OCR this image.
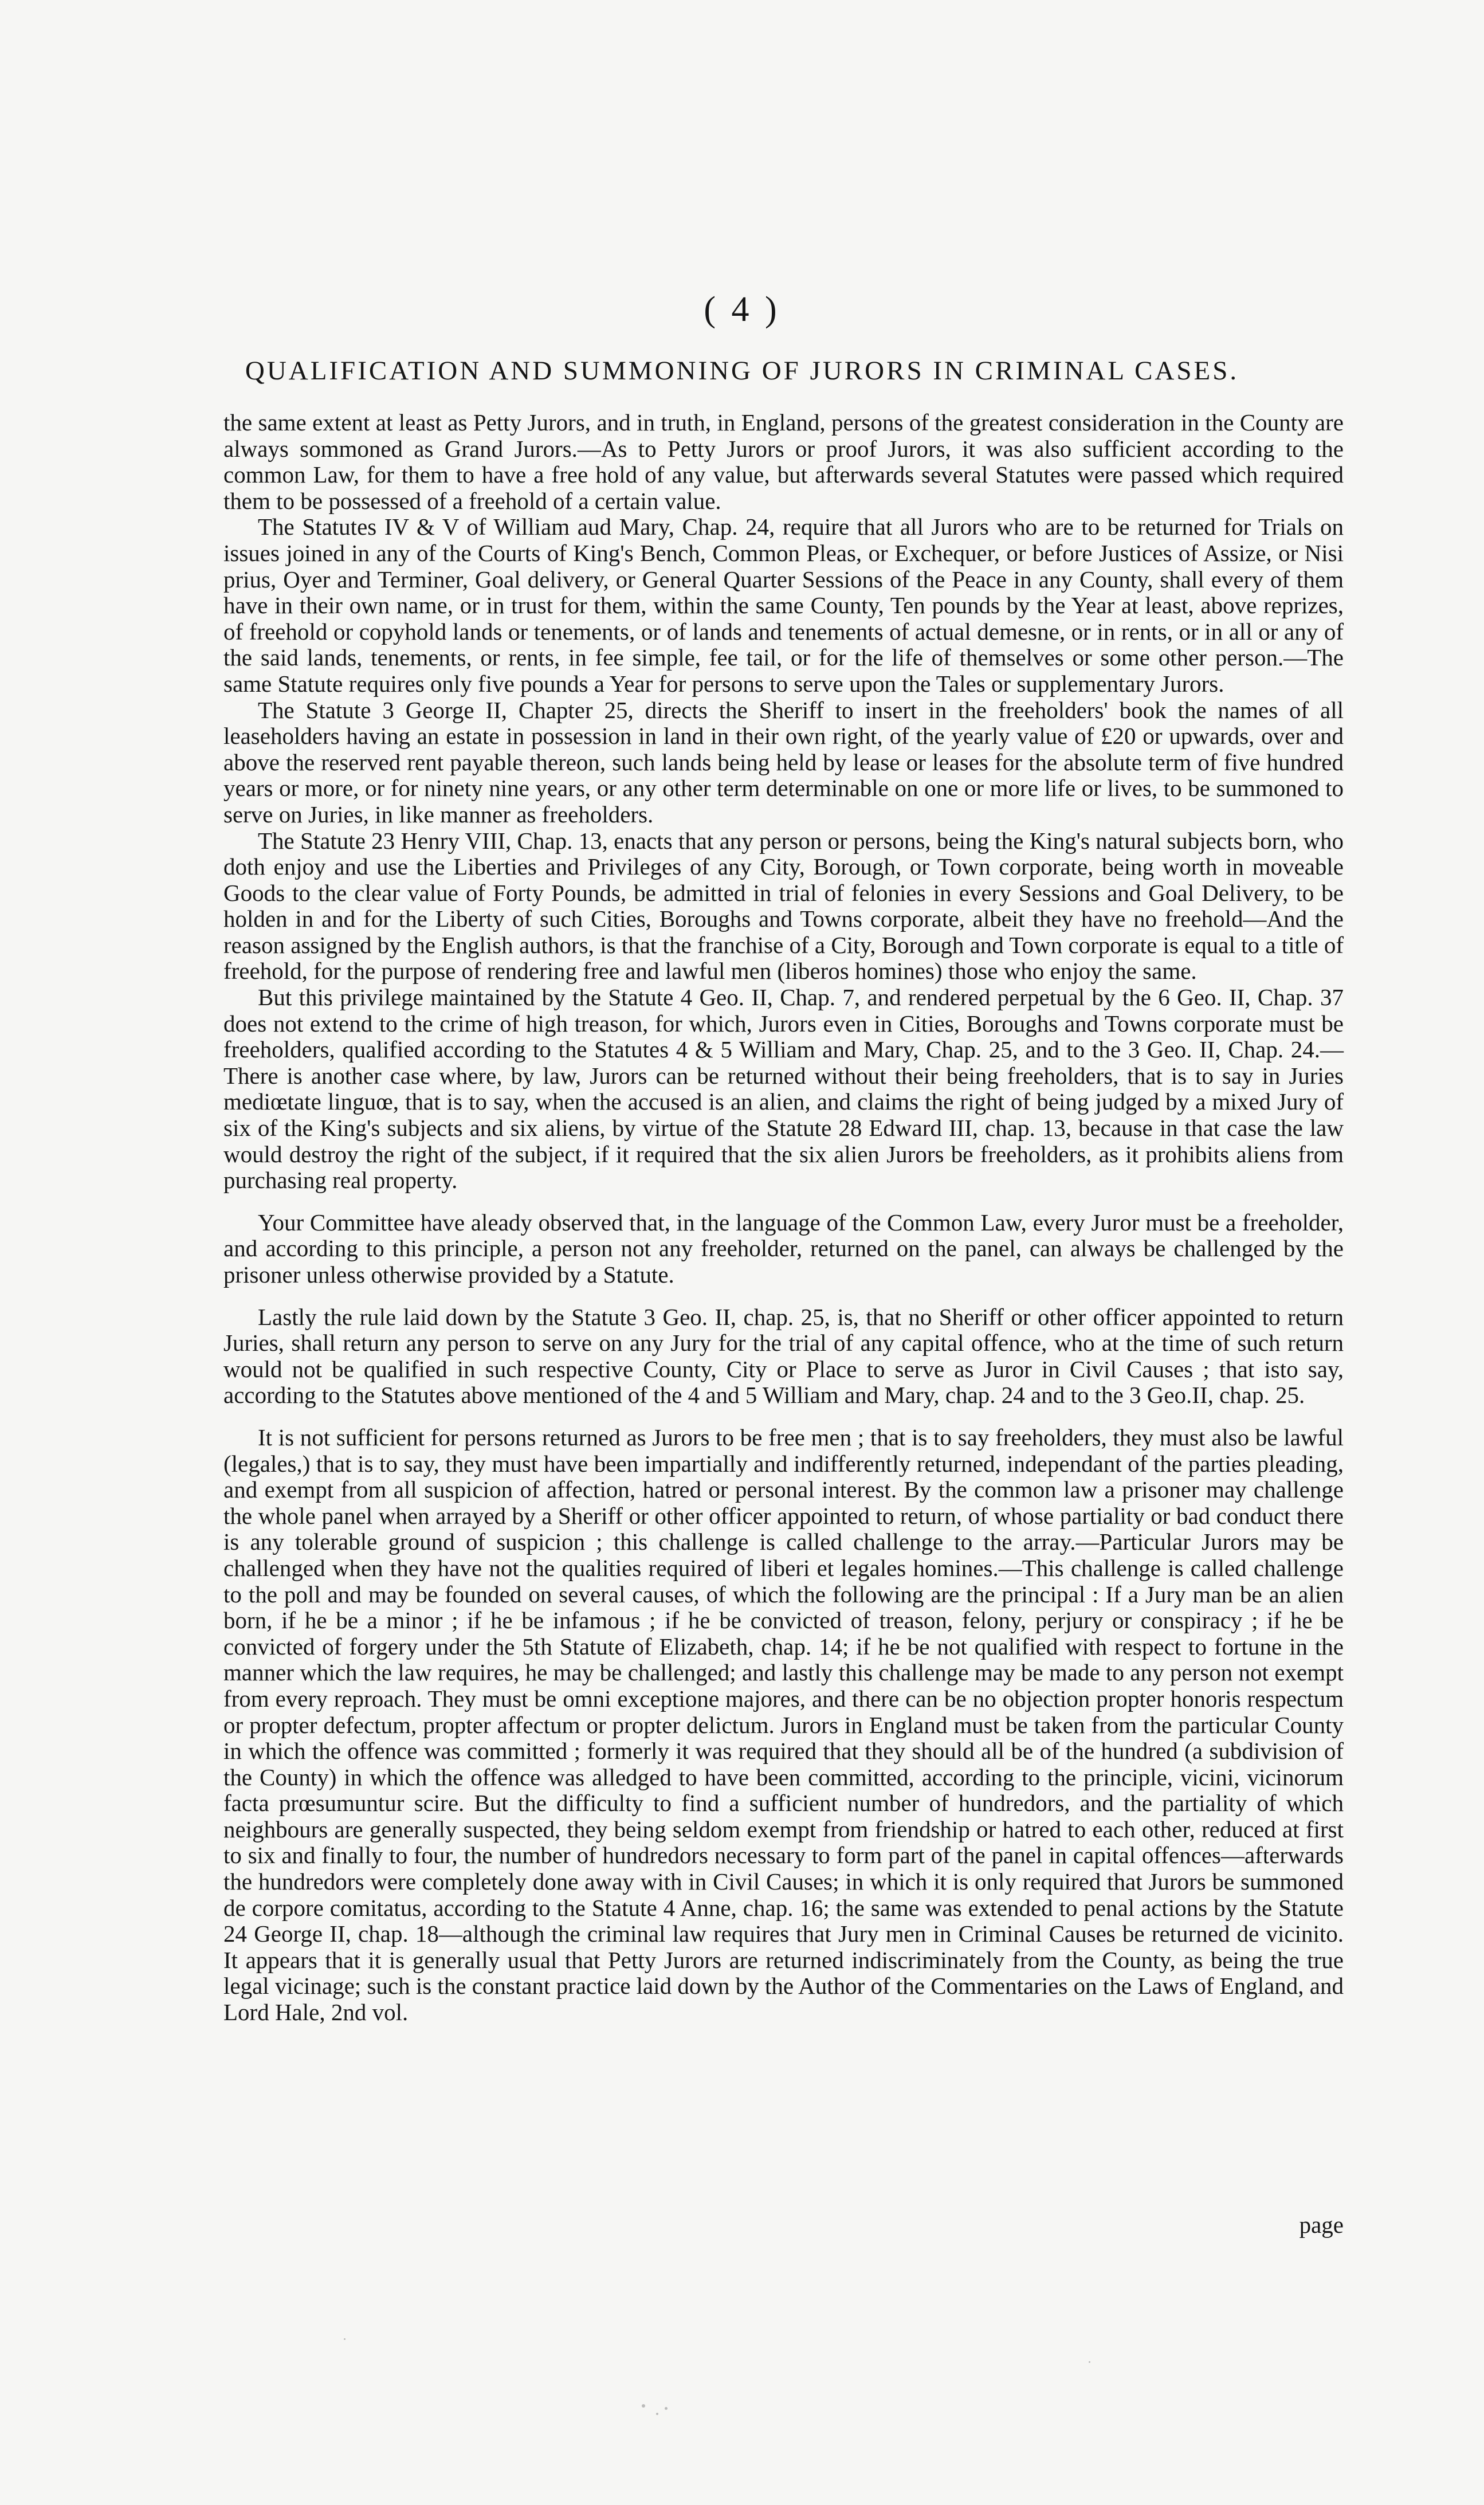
( 4 )
QUALIFICATION AND SUMMONING OF JURORS IN CRIMINAL CASES.

the same extent at least as Petty Jurors, and in truth, in England, persons of the greatest consideration in the County are always sommoned as Grand Jurors.—As to Petty Jurors or proof Jurors, it was also sufficient according to the common Law, for them to have a free hold of any value, but afterwards several Statutes were passed which required them to be possessed of a freehold of a certain value.

The Statutes IV & V of William aud Mary, Chap. 24, require that all Jurors who are to be returned for Trials on issues joined in any of the Courts of King's Bench, Common Pleas, or Exchequer, or before Justices of Assize, or Nisi prius, Oyer and Terminer, Goal delivery, or General Quarter Sessions of the Peace in any County, shall every of them have in their own name, or in trust for them, within the same County, Ten pounds by the Year at least, above reprizes, of freehold or copyhold lands or tenements, or of lands and tenements of actual demesne, or in rents, or in all or any of the said lands, tenements, or rents, in fee simple, fee tail, or for the life of themselves or some other person.—The same Statute requires only five pounds a Year for persons to serve upon the Tales or supplementary Jurors.

The Statute 3 George II, Chapter 25, directs the Sheriff to insert in the freeholders' book the names of all leaseholders having an estate in possession in land in their own right, of the yearly value of £20 or upwards, over and above the reserved rent payable thereon, such lands being held by lease or leases for the absolute term of five hundred years or more, or for ninety nine years, or any other term determinable on one or more life or lives, to be summoned to serve on Juries, in like manner as freeholders.

The Statute 23 Henry VIII, Chap. 13, enacts that any person or persons, being the King's natural subjects born, who doth enjoy and use the Liberties and Privileges of any City, Borough, or Town corporate, being worth in moveable Goods to the clear value of Forty Pounds, be admitted in trial of felonies in every Sessions and Goal Delivery, to be holden in and for the Liberty of such Cities, Boroughs and Towns corporate, albeit they have no freehold—And the reason assigned by the English authors, is that the franchise of a City, Borough and Town corporate is equal to a title of freehold, for the purpose of rendering free and lawful men (liberos homines) those who enjoy the same.

But this privilege maintained by the Statute 4 Geo. II, Chap. 7, and rendered perpetual by the 6 Geo. II, Chap. 37 does not extend to the crime of high treason, for which, Jurors even in Cities, Boroughs and Towns corporate must be freeholders, qualified according to the Statutes 4 & 5 William and Mary, Chap. 25, and to the 3 Geo. II, Chap. 24.—There is another case where, by law, Jurors can be returned without their being freeholders, that is to say in Juries mediœtate linguœ, that is to say, when the accused is an alien, and claims the right of being judged by a mixed Jury of six of the King's subjects and six aliens, by virtue of the Statute 28 Edward III, chap. 13, because in that case the law would destroy the right of the subject, if it required that the six alien Jurors be freeholders, as it prohibits aliens from purchasing real property.

Your Committee have aleady observed that, in the language of the Common Law, every Juror must be a freeholder, and according to this principle, a person not any freeholder, returned on the panel, can always be challenged by the prisoner unless otherwise provided by a Statute.

Lastly the rule laid down by the Statute 3 Geo. II, chap. 25, is, that no Sheriff or other officer appointed to return Juries, shall return any person to serve on any Jury for the trial of any capital offence, who at the time of such return would not be qualified in such respective County, City or Place to serve as Juror in Civil Causes ; that isto say, according to the Statutes above mentioned of the 4 and 5 William and Mary, chap. 24 and to the 3 Geo.II, chap. 25.

It is not sufficient for persons returned as Jurors to be free men ; that is to say freeholders, they must also be lawful (legales,) that is to say, they must have been impartially and indifferently returned, independant of the parties pleading, and exempt from all suspicion of affection, hatred or personal interest. By the common law a prisoner may challenge the whole panel when arrayed by a Sheriff or other officer appointed to return, of whose partiality or bad conduct there is any tolerable ground of suspicion ; this challenge is called challenge to the array.—Particular Jurors may be challenged when they have not the qualities required of liberi et legales homines.—This challenge is called challenge to the poll and may be founded on several causes, of which the following are the principal : If a Jury man be an alien born, if he be a minor ; if he be infamous ; if he be convicted of treason, felony, perjury or conspiracy ; if he be convicted of forgery under the 5th Statute of Elizabeth, chap. 14; if he be not qualified with respect to fortune in the manner which the law requires, he may be challenged; and lastly this challenge may be made to any person not exempt from every reproach. They must be omni exceptione majores, and there can be no objection propter honoris respectum or propter defectum, propter affectum or propter delictum. Jurors in England must be taken from the particular County in which the offence was committed ; formerly it was required that they should all be of the hundred (a subdivision of the County) in which the offence was alledged to have been committed, according to the principle, vicini, vicinorum facta prœsumuntur scire. But the difficulty to find a sufficient number of hundredors, and the partiality of which neighbours are generally suspected, they being seldom exempt from friendship or hatred to each other, reduced at first to six and finally to four, the number of hundredors necessary to form part of the panel in capital offences—afterwards the hundredors were completely done away with in Civil Causes; in which it is only required that Jurors be summoned de corpore comitatus, according to the Statute 4 Anne, chap. 16; the same was extended to penal actions by the Statute 24 George II, chap. 18—although the criminal law requires that Jury men in Criminal Causes be returned de vicinito. It appears that it is generally usual that Petty Jurors are returned indiscriminately from the County, as being the true legal vicinage; such is the constant practice laid down by the Author of the Commentaries on the Laws of England, and Lord Hale, 2nd vol.

page
